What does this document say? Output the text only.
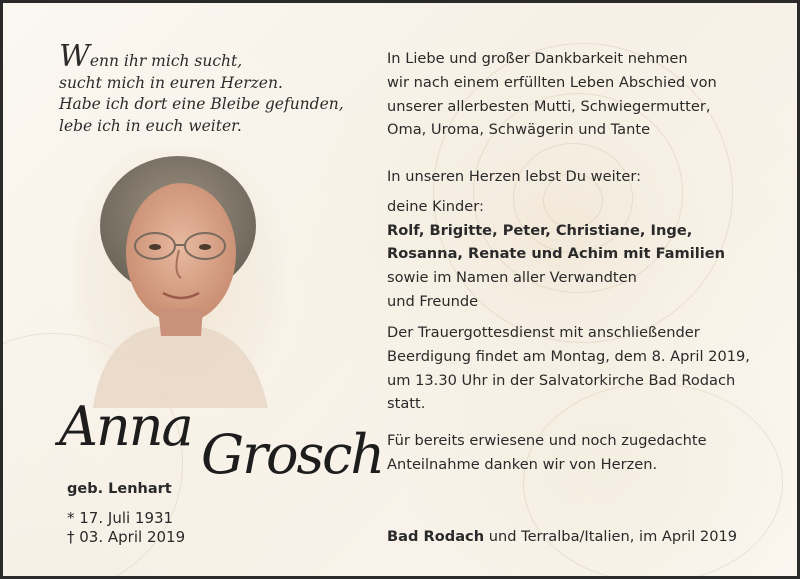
Wenn ihr mich sucht,
sucht mich in euren Herzen.
Habe ich dort eine Bleibe gefunden,
lebe ich in euch weiter.
Anna Grosch
geb. Lenhart
* 17. Juli 1931
† 03. April 2019
In Liebe und großer Dankbarkeit nehmen
wir nach einem erfüllten Leben Abschied von
unserer allerbesten Mutti, Schwiegermutter,
Oma, Uroma, Schwägerin und Tante
In unseren Herzen lebst Du weiter:
deine Kinder:
Rolf, Brigitte, Peter, Christiane, Inge,
Rosanna, Renate und Achim mit Familien
sowie im Namen aller Verwandten
und Freunde
Der Trauergottesdienst mit anschließender
Beerdigung findet am Montag, dem 8. April 2019,
um 13.30 Uhr in der Salvatorkirche Bad Rodach
statt.
Für bereits erwiesene und noch zugedachte
Anteilnahme danken wir von Herzen.
Bad Rodach und Terralba/Italien, im April 2019
